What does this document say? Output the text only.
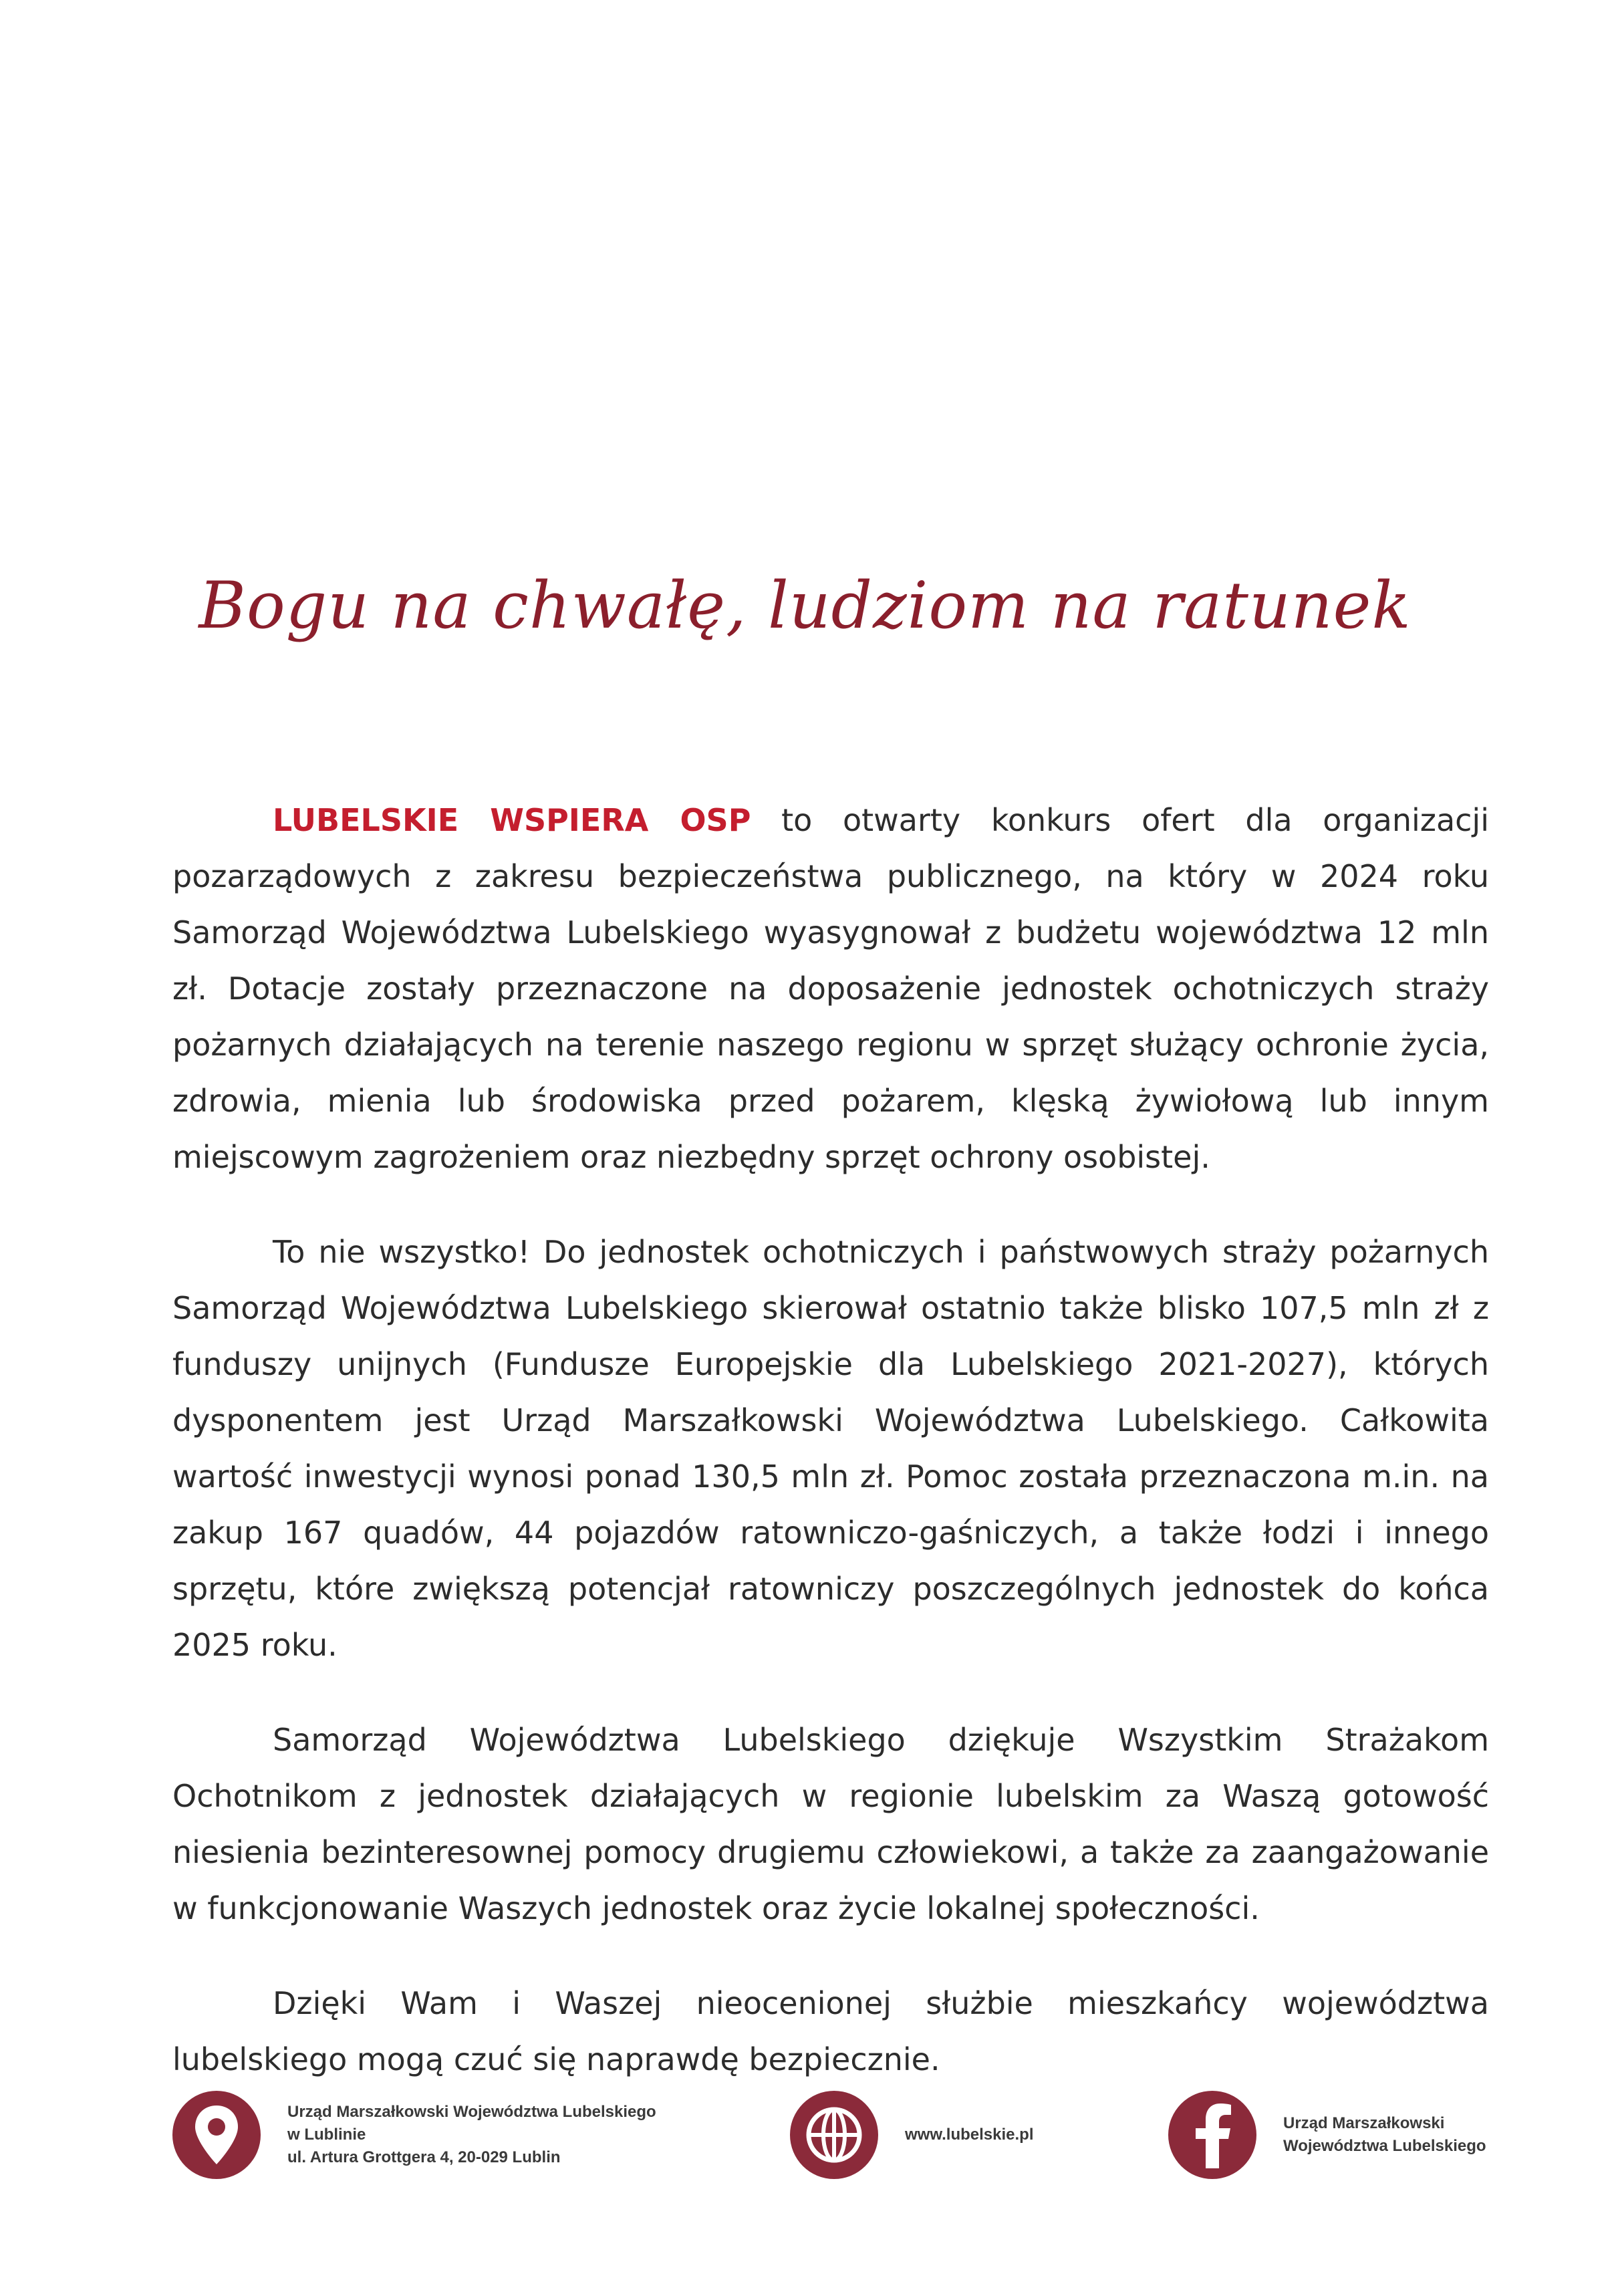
Bogu na chwałę, ludziom na ratunek

LUBELSKIE WSPIERA OSP to otwarty konkurs ofert dla organizacji pozarządowych z zakresu bezpieczeństwa publicznego, na który w 2024 roku Samorząd Województwa Lubelskiego wyasygnował z budżetu województwa 12 mln zł. Dotacje zostały przeznaczone na doposażenie jednostek ochotniczych straży pożarnych działających na terenie naszego regionu w sprzęt służący ochronie życia, zdrowia, mienia lub środowiska przed pożarem, klęską żywiołową lub innym miejscowym zagrożeniem oraz niezbędny sprzęt ochrony osobistej.

To nie wszystko! Do jednostek ochotniczych i państwowych straży pożarnych Samorząd Województwa Lubelskiego skierował ostatnio także blisko 107,5 mln zł z funduszy unijnych (Fundusze Europejskie dla Lubelskiego 2021-2027), których dysponentem jest Urząd Marszałkowski Województwa Lubelskiego. Całkowita wartość inwestycji wynosi ponad 130,5 mln zł. Pomoc została przeznaczona m.in. na zakup 167 quadów, 44 pojazdów ratowniczo-gaśniczych, a także łodzi i innego sprzętu, które zwiększą potencjał ratowniczy poszczególnych jednostek do końca 2025 roku.

Samorząd Województwa Lubelskiego dziękuje Wszystkim Strażakom Ochotnikom z jednostek działających w regionie lubelskim za Waszą gotowość niesienia bezinteresownej pomocy drugiemu człowiekowi, a także za zaangażowanie w funkcjonowanie Waszych jednostek oraz życie lokalnej społeczności.

Dzięki Wam i Waszej nieocenionej służbie mieszkańcy województwa lubelskiego mogą czuć się naprawdę bezpiecznie.

Urząd Marszałkowski Województwa Lubelskiego
w Lublinie
ul. Artura Grottgera 4, 20-029 Lublin
www.lubelskie.pl
Urząd Marszałkowski
Województwa Lubelskiego
